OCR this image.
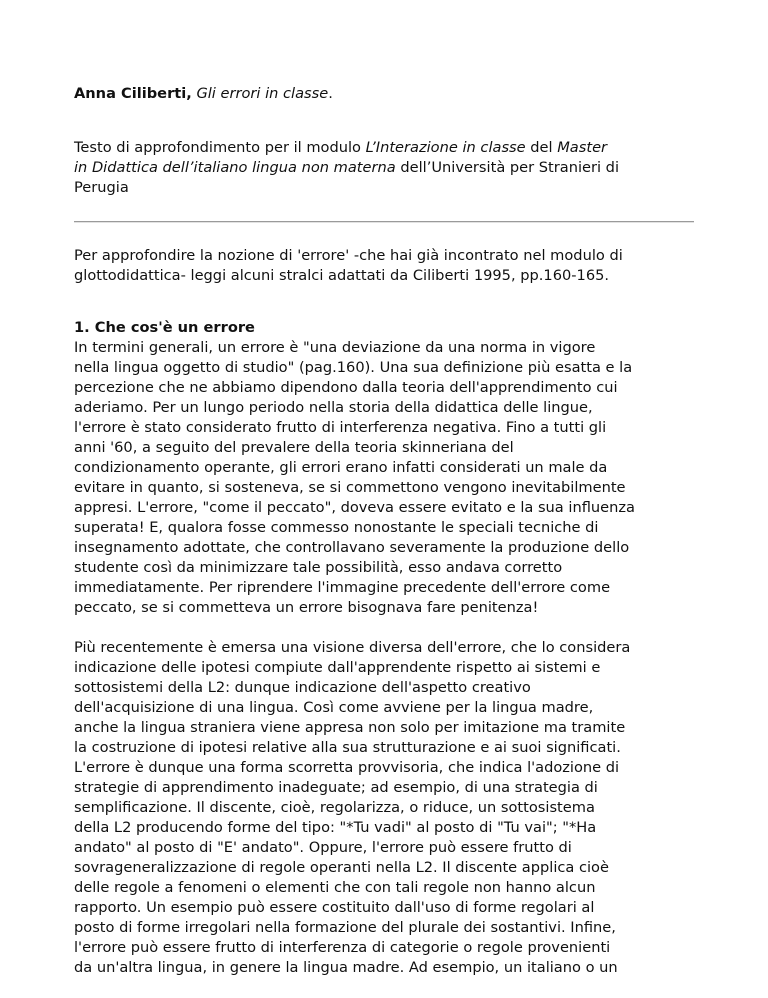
Anna Ciliberti, Gli errori in classe.

Testo di approfondimento per il modulo L’Interazione in classe del Master
in Didattica dell’italiano lingua non materna dell’Università per Stranieri di
Perugia

Per approfondire la nozione di 'errore' -che hai già incontrato nel modulo di
glottodidattica- leggi alcuni stralci adattati da Ciliberti 1995, pp.160-165.

1. Che cos'è un errore

In termini generali, un errore è "una deviazione da una norma in vigore
nella lingua oggetto di studio" (pag.160). Una sua definizione più esatta e la
percezione che ne abbiamo dipendono dalla teoria dell'apprendimento cui
aderiamo. Per un lungo periodo nella storia della didattica delle lingue,
l'errore è stato considerato frutto di interferenza negativa. Fino a tutti gli
anni '60, a seguito del prevalere della teoria skinneriana del
condizionamento operante, gli errori erano infatti considerati un male da
evitare in quanto, si sosteneva, se si commettono vengono inevitabilmente
appresi. L'errore, "come il peccato", doveva essere evitato e la sua influenza
superata! E, qualora fosse commesso nonostante le speciali tecniche di
insegnamento adottate, che controllavano severamente la produzione dello
studente così da minimizzare tale possibilità, esso andava corretto
immediatamente. Per riprendere l'immagine precedente dell'errore come
peccato, se si commetteva un errore bisognava fare penitenza!
Più recentemente è emersa una visione diversa dell'errore, che lo considera
indicazione delle ipotesi compiute dall'apprendente rispetto ai sistemi e
sottosistemi della L2: dunque indicazione dell'aspetto creativo
dell'acquisizione di una lingua. Così come avviene per la lingua madre,
anche la lingua straniera viene appresa non solo per imitazione ma tramite
la costruzione di ipotesi relative alla sua strutturazione e ai suoi significati.
L'errore è dunque una forma scorretta provvisoria, che indica l'adozione di
strategie di apprendimento inadeguate; ad esempio, di una strategia di
semplificazione. Il discente, cioè, regolarizza, o riduce, un sottosistema
della L2 producendo forme del tipo: "*Tu vadi" al posto di "Tu vai"; "*Ha
andato" al posto di "E' andato". Oppure, l'errore può essere frutto di
sovrageneralizzazione di regole operanti nella L2. Il discente applica cioè
delle regole a fenomeni o elementi che con tali regole non hanno alcun
rapporto. Un esempio può essere costituito dall'uso di forme regolari al
posto di forme irregolari nella formazione del plurale dei sostantivi. Infine,
l'errore può essere frutto di interferenza di categorie o regole provenienti
da un'altra lingua, in genere la lingua madre. Ad esempio, un italiano o un
